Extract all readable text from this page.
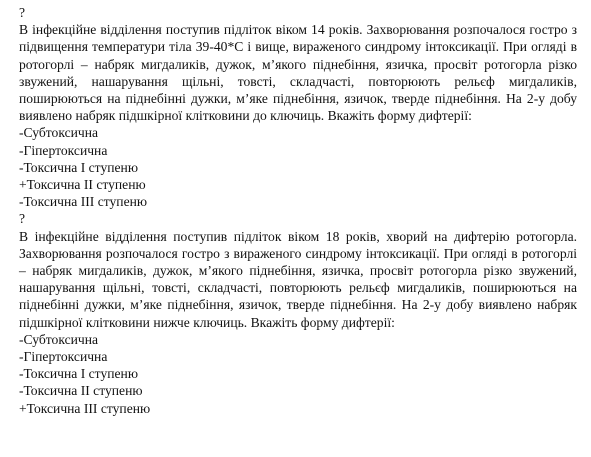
?

В інфекційне відділення поступив підліток віком 14 років. Захворювання розпочалося гостро з підвищення температури тіла 39-40*С і вище, вираженого синдрому інтоксикації. При огляді в ротогорлі – набряк мигдаликів, дужок, м’якого піднебіння, язичка, просвіт ротогорла різко звужений, нашарування щільні, товсті, складчасті, повторюють рельєф мигдаликів, поширюються на піднебінні дужки, м’яке піднебіння, язичок, тверде піднебіння. На 2-у добу виявлено набряк підшкірної клітковини до ключиць. Вкажіть форму дифтерії:

-Субтоксична
-Гіпертоксична
-Токсична I ступеню
+Токсична II ступеню
-Токсична III ступеню
?

В інфекційне відділення поступив підліток віком 18 років, хворий на дифтерію ротогорла. Захворювання розпочалося гостро з вираженого синдрому інтоксикації. При огляді в ротогорлі – набряк мигдаликів, дужок, м’якого піднебіння, язичка, просвіт ротогорла різко звужений, нашарування щільні, товсті, складчасті, повторюють рельєф мигдаликів, поширюються на піднебінні дужки, м’яке піднебіння, язичок, тверде піднебіння. На 2-у добу виявлено набряк підшкірної клітковини нижче ключиць. Вкажіть форму дифтерії:

-Субтоксична
-Гіпертоксична
-Токсична I ступеню
-Токсична II ступеню
+Токсична III ступеню
